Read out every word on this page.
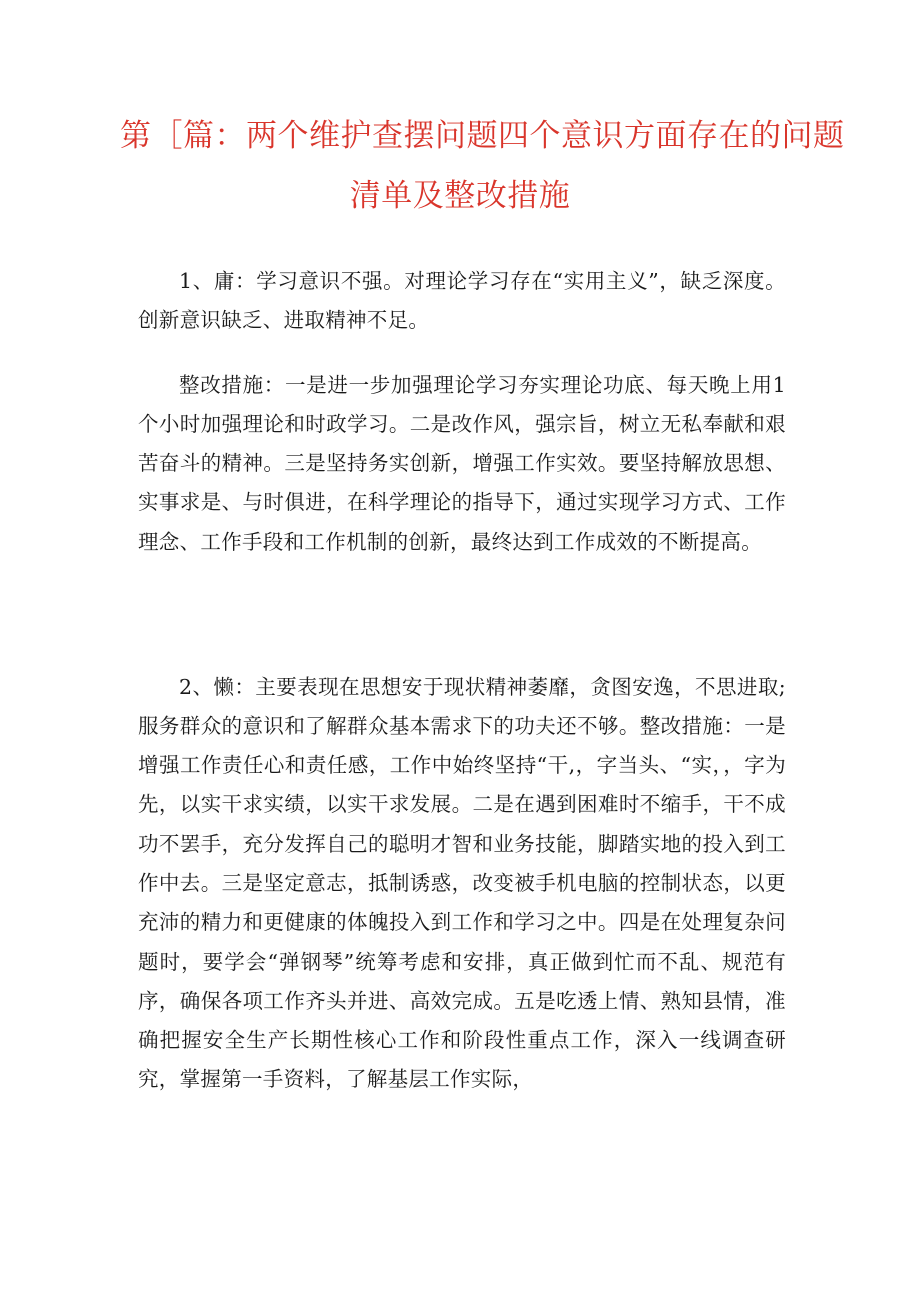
第［篇：两个维护查摆问题四个意识方面存在的问题
清单及整改措施

1、庸：学习意识不强。对理论学习存在“实用主义”，缺乏深度。创新意识缺乏、进取精神不足。

整改措施：一是进一步加强理论学习夯实理论功底、每天晚上用1个小时加强理论和时政学习。二是改作风，强宗旨，树立无私奉献和艰苦奋斗的精神。三是坚持务实创新，增强工作实效。要坚持解放思想、实事求是、与时俱进，在科学理论的指导下，通过实现学习方式、工作理念、工作手段和工作机制的创新，最终达到工作成效的不断提高。

2、懒：主要表现在思想安于现状精神萎靡，贪图安逸，不思进取;服务群众的意识和了解群众基本需求下的功夫还不够。整改措施：一是增强工作责任心和责任感，工作中始终坚持“干,，字当头、“实，，字为先，以实干求实绩，以实干求发展。二是在遇到困难时不缩手，干不成功不罢手，充分发挥自己的聪明才智和业务技能，脚踏实地的投入到工作中去。三是坚定意志，抵制诱惑，改变被手机电脑的控制状态，以更充沛的精力和更健康的体魄投入到工作和学习之中。四是在处理复杂问题时，要学会“弹钢琴”统筹考虑和安排，真正做到忙而不乱、规范有序，确保各项工作齐头并进、高效完成。五是吃透上情、熟知县情，准确把握安全生产长期性核心工作和阶段性重点工作，深入一线调查研究，掌握第一手资料，了解基层工作实际，
